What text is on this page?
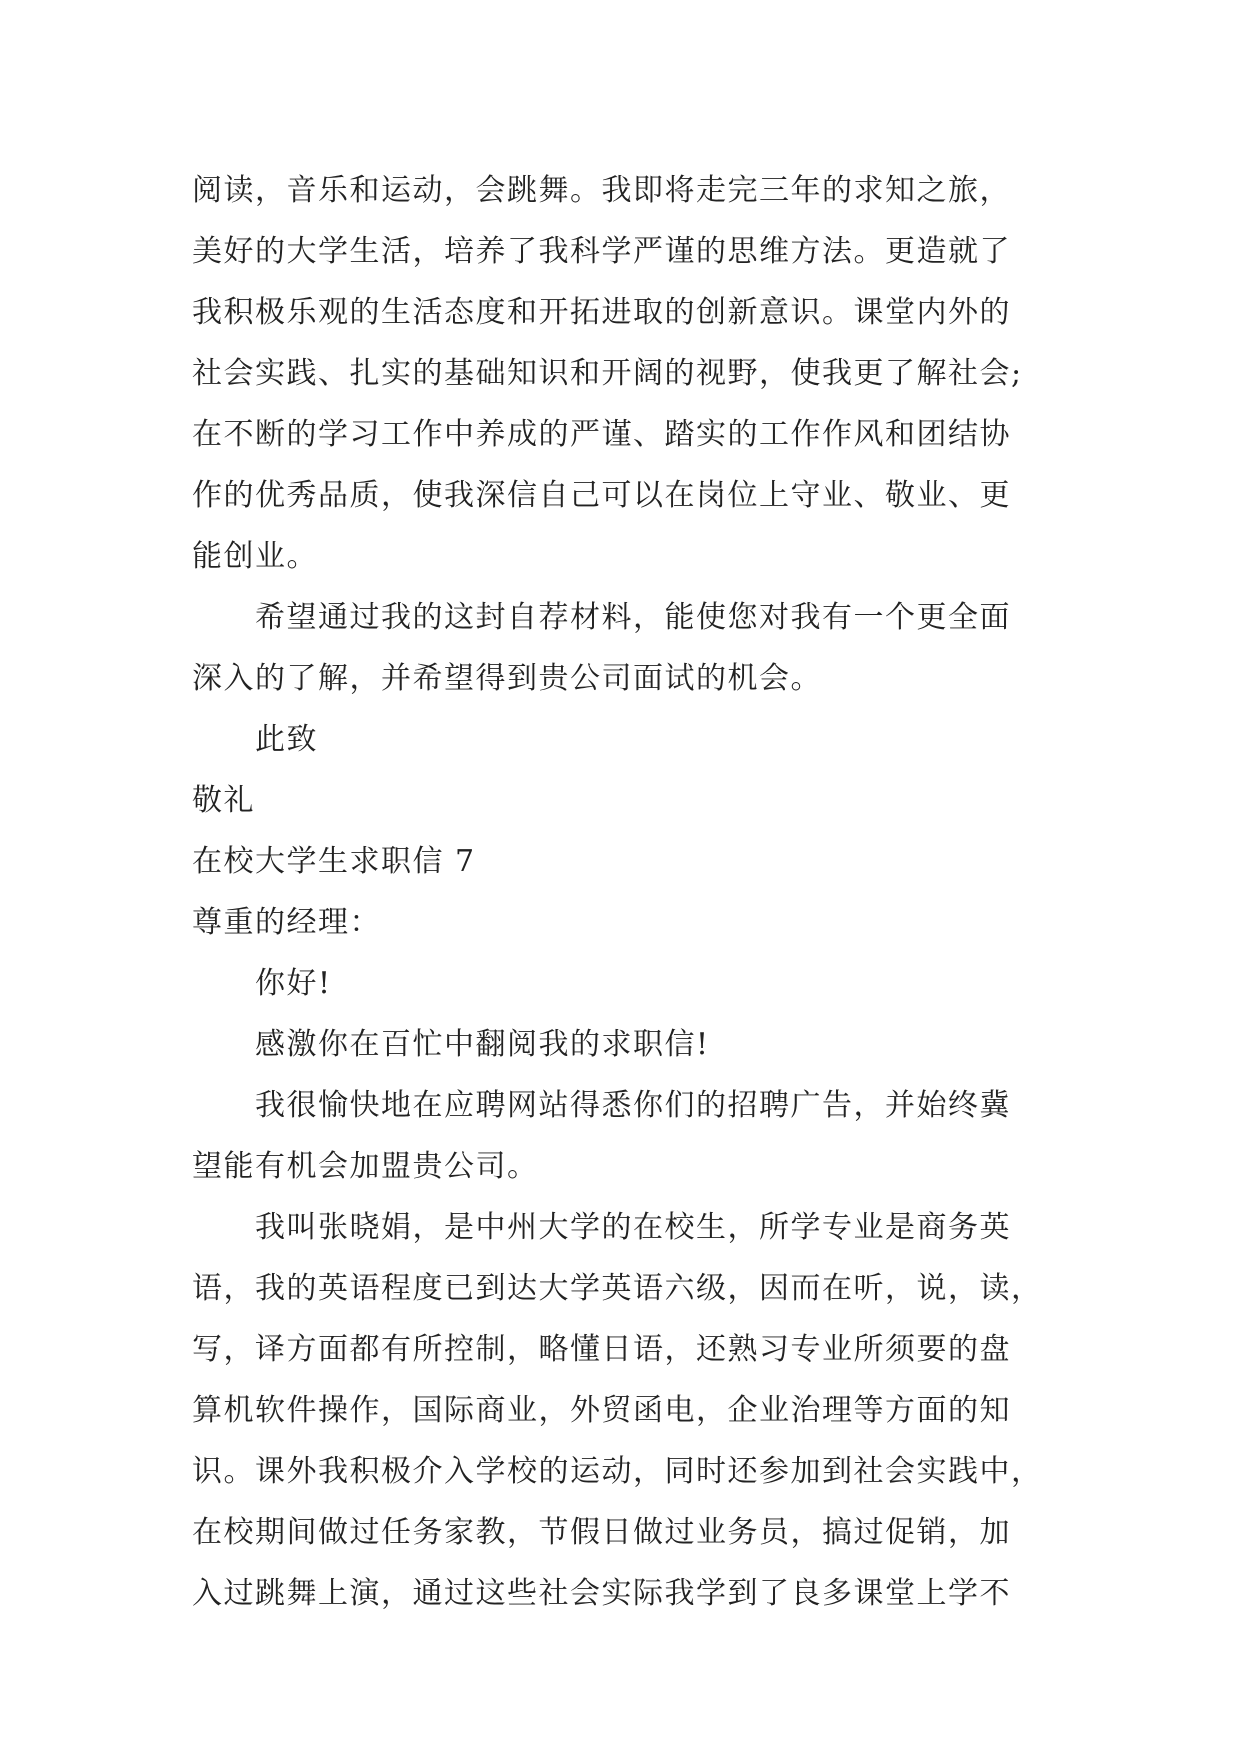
阅读，音乐和运动，会跳舞。我即将走完三年的求知之旅，
美好的大学生活，培养了我科学严谨的思维方法。更造就了
我积极乐观的生活态度和开拓进取的创新意识。课堂内外的
社会实践、扎实的基础知识和开阔的视野，使我更了解社会;
在不断的学习工作中养成的严谨、踏实的工作作风和团结协
作的优秀品质，使我深信自己可以在岗位上守业、敬业、更
能创业。
希望通过我的这封自荐材料，能使您对我有一个更全面
深入的了解，并希望得到贵公司面试的机会。
此致
敬礼
在校大学生求职信 7
尊重的经理：
你好!
感激你在百忙中翻阅我的求职信!
我很愉快地在应聘网站得悉你们的招聘广告，并始终冀
望能有机会加盟贵公司。
我叫张晓娟，是中州大学的在校生，所学专业是商务英
语，我的英语程度已到达大学英语六级，因而在听，说，读，
写，译方面都有所控制，略懂日语，还熟习专业所须要的盘
算机软件操作，国际商业，外贸函电，企业治理等方面的知
识。课外我积极介入学校的运动，同时还参加到社会实践中，
在校期间做过任务家教，节假日做过业务员，搞过促销，加
入过跳舞上演，通过这些社会实际我学到了良多课堂上学不
